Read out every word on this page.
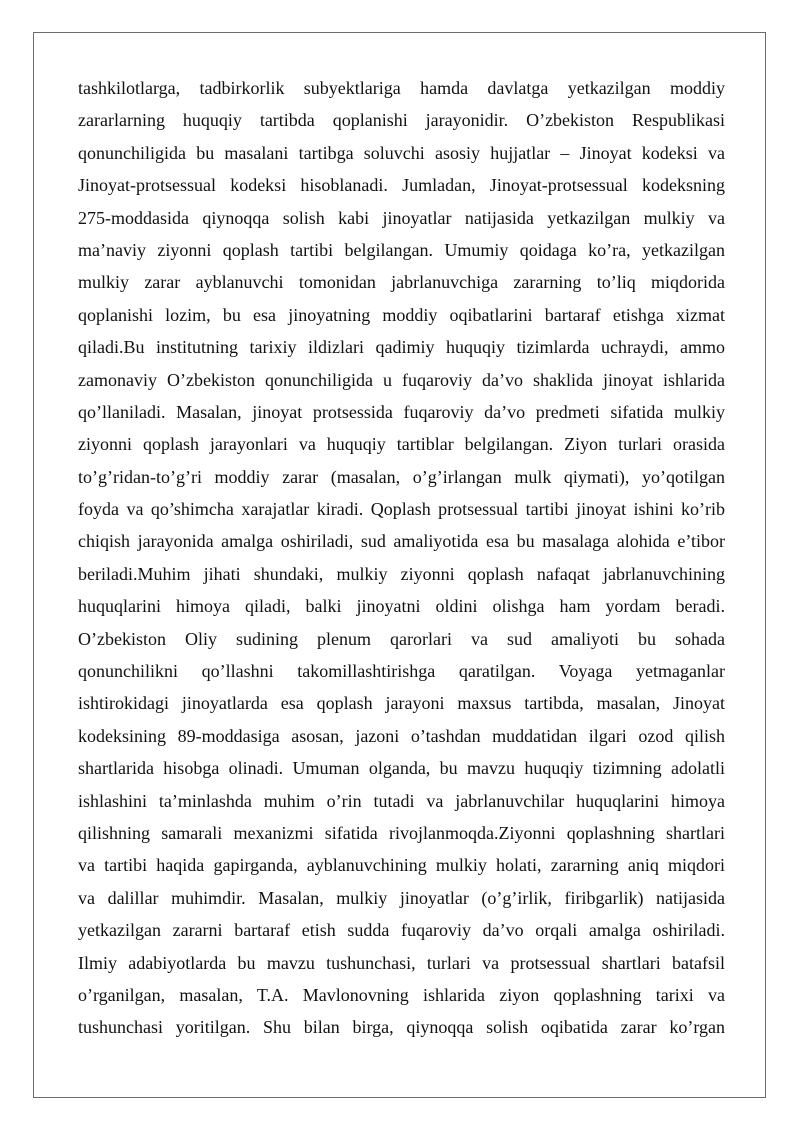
tashkilotlarga, tadbirkorlik subyektlariga hamda davlatga yetkazilgan moddiy
zararlarning huquqiy tartibda qoplanishi jarayonidir. O’zbekiston Respublikasi
qonunchiligida bu masalani tartibga soluvchi asosiy hujjatlar – Jinoyat kodeksi va
Jinoyat-protsessual kodeksi hisoblanadi. Jumladan, Jinoyat-protsessual kodeksning
275-moddasida qiynoqqa solish kabi jinoyatlar natijasida yetkazilgan mulkiy va
ma’naviy ziyonni qoplash tartibi belgilangan. Umumiy qoidaga ko’ra, yetkazilgan
mulkiy zarar ayblanuvchi tomonidan jabrlanuvchiga zararning to’liq miqdorida
qoplanishi lozim, bu esa jinoyatning moddiy oqibatlarini bartaraf etishga xizmat
qiladi.Bu institutning tarixiy ildizlari qadimiy huquqiy tizimlarda uchraydi, ammo
zamonaviy O’zbekiston qonunchiligida u fuqaroviy da’vo shaklida jinoyat ishlarida
qo’llaniladi. Masalan, jinoyat protsessida fuqaroviy da’vo predmeti sifatida mulkiy
ziyonni qoplash jarayonlari va huquqiy tartiblar belgilangan. Ziyon turlari orasida
to’g’ridan-to’g’ri moddiy zarar (masalan, o’g’irlangan mulk qiymati), yo’qotilgan
foyda va qo’shimcha xarajatlar kiradi. Qoplash protsessual tartibi jinoyat ishini ko’rib
chiqish jarayonida amalga oshiriladi, sud amaliyotida esa bu masalaga alohida e’tibor
beriladi.Muhim jihati shundaki, mulkiy ziyonni qoplash nafaqat jabrlanuvchining
huquqlarini himoya qiladi, balki jinoyatni oldini olishga ham yordam beradi.
O’zbekiston Oliy sudining plenum qarorlari va sud amaliyoti bu sohada
qonunchilikni qo’llashni takomillashtirishga qaratilgan. Voyaga yetmaganlar
ishtirokidagi jinoyatlarda esa qoplash jarayoni maxsus tartibda, masalan, Jinoyat
kodeksining 89-moddasiga asosan, jazoni o’tashdan muddatidan ilgari ozod qilish
shartlarida hisobga olinadi. Umuman olganda, bu mavzu huquqiy tizimning adolatli
ishlashini ta’minlashda muhim o’rin tutadi va jabrlanuvchilar huquqlarini himoya
qilishning samarali mexanizmi sifatida rivojlanmoqda.Ziyonni qoplashning shartlari
va tartibi haqida gapirganda, ayblanuvchining mulkiy holati, zararning aniq miqdori
va dalillar muhimdir. Masalan, mulkiy jinoyatlar (o’g’irlik, firibgarlik) natijasida
yetkazilgan zararni bartaraf etish sudda fuqaroviy da’vo orqali amalga oshiriladi.
Ilmiy adabiyotlarda bu mavzu tushunchasi, turlari va protsessual shartlari batafsil
o’rganilgan, masalan, T.A. Mavlonovning ishlarida ziyon qoplashning tarixi va
tushunchasi yoritilgan. Shu bilan birga, qiynoqqa solish oqibatida zarar ko’rgan
